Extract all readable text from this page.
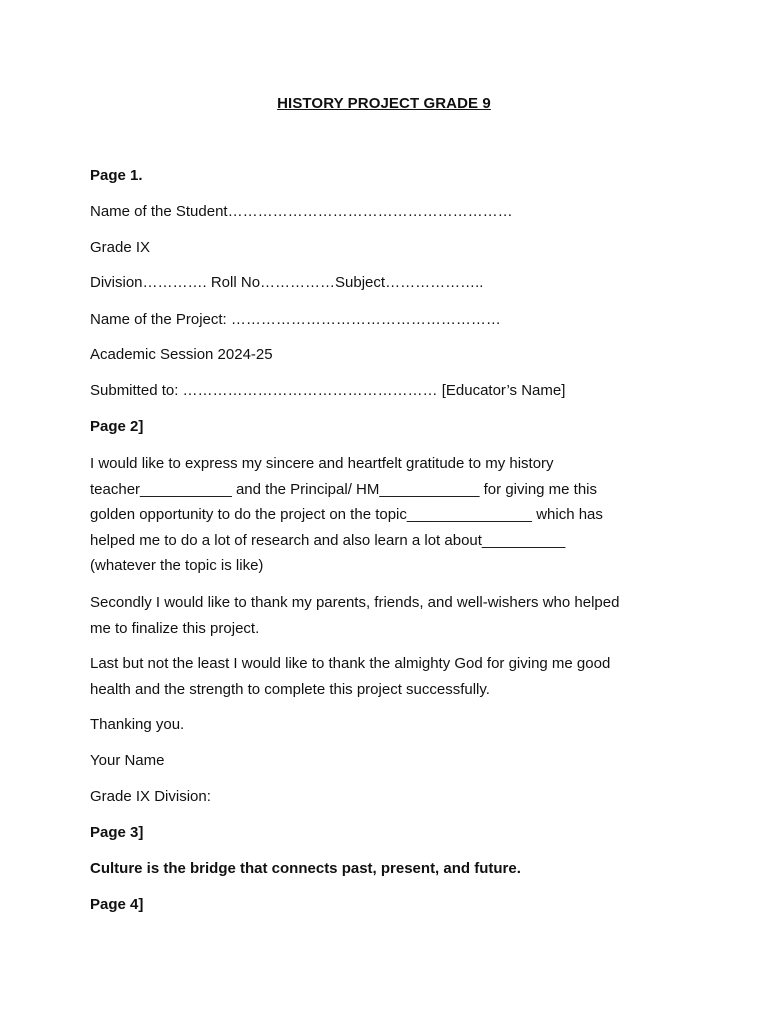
HISTORY PROJECT GRADE 9
Page 1.
Name of the Student…………………………………………………
Grade IX
Division…………. Roll No……………Subject………………..
Name of the Project: ………………………………………………
Academic Session 2024-25
Submitted to: …………………………………………… [Educator’s Name]
Page 2]
I would like to express my sincere and heartfelt gratitude to my history
teacher___________ and the Principal/ HM____________ for giving me this
golden opportunity to do the project on the topic_______________ which has
helped me to do a lot of research and also learn a lot about__________
(whatever the topic is like)
Secondly I would like to thank my parents, friends, and well-wishers who helped
me to finalize this project.
Last but not the least I would like to thank the almighty God for giving me good
health and the strength to complete this project successfully.
Thanking you.
Your Name
Grade IX Division:
Page 3]
Culture is the bridge that connects past, present, and future.
Page 4]
